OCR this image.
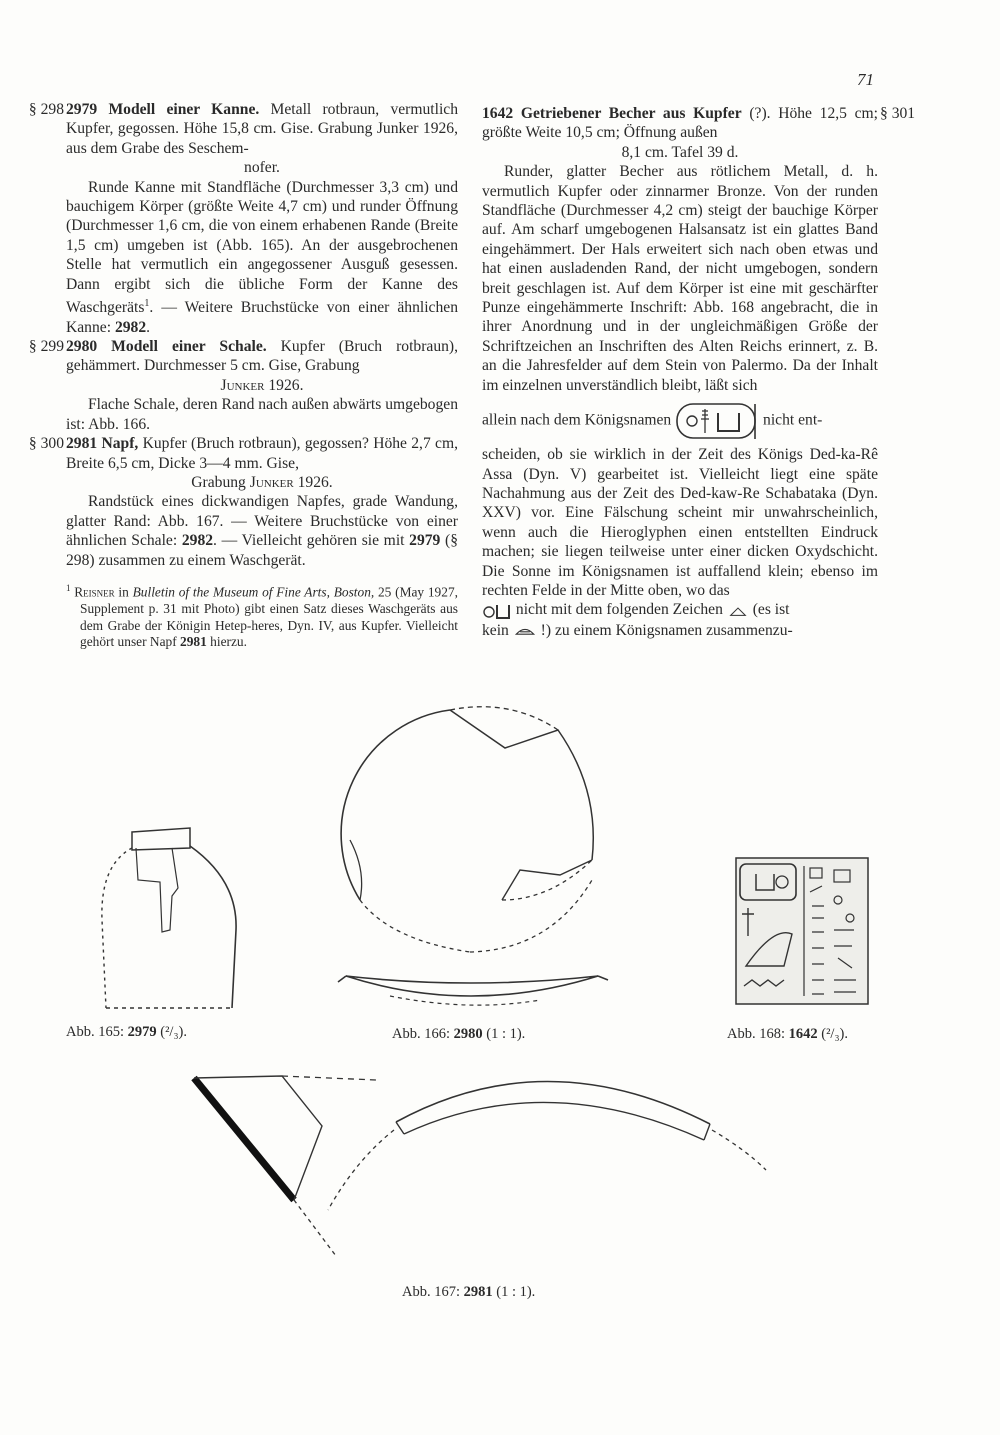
71

§ 298 2979 Modell einer Kanne. Metall rotbraun, vermutlich Kupfer, gegossen. Höhe 15,8 cm. Gise. Grabung Junker 1926, aus dem Grabe des Seschem-

nofer.

Runde Kanne mit Standfläche (Durchmesser 3,3 cm) und bauchigem Körper (größte Weite 4,7 cm) und runder Öffnung (Durchmesser 1,6 cm, die von einem erhabenen Rande (Breite 1,5 cm) umgeben ist (Abb. 165). An der ausgebrochenen Stelle hat vermutlich ein angegossener Ausguß gesessen. Dann ergibt sich die übliche Form der Kanne des Waschgeräts$^1$. — Weitere Bruchstücke von einer ähnlichen Kanne: 2982.

§ 299 2980 Modell einer Schale. Kupfer (Bruch rotbraun), gehämmert. Durchmesser 5 cm. Gise, Grabung

Junker 1926.

Flache Schale, deren Rand nach außen abwärts umgebogen ist: Abb. 166.

§ 300 2981 Napf, Kupfer (Bruch rotbraun), gegossen? Höhe 2,7 cm, Breite 6,5 cm, Dicke 3—4 mm. Gise,

Grabung Junker 1926.

Randstück eines dickwandigen Napfes, grade Wandung, glatter Rand: Abb. 167. — Weitere Bruchstücke von einer ähnlichen Schale: 2982. — Vielleicht gehören sie mit 2979 (§ 298) zusammen zu einem Waschgerät.

$^1$ Reisner in Bulletin of the Museum of Fine Arts, Boston, 25 (May 1927, Supplement p. 31 mit Photo) gibt einen Satz dieses Waschgeräts aus dem Grabe der Königin Hetep-heres, Dyn. IV, aus Kupfer. Vielleicht gehört unser Napf 2981 hierzu.

§ 301
1642 Getriebener Becher aus Kupfer (?). Höhe 12,5 cm; größte Weite 10,5 cm; Öffnung außen

8,1 cm. Tafel 39 d.

Runder, glatter Becher aus rötlichem Metall, d. h. vermutlich Kupfer oder zinnarmer Bronze. Von der runden Standfläche (Durchmesser 4,2 cm) steigt der bauchige Körper auf. Am scharf umgebogenen Halsansatz ist ein glattes Band eingehämmert. Der Hals erweitert sich nach oben etwas und hat einen ausladenden Rand, der nicht umgebogen, sondern breit geschlagen ist. Auf dem Körper ist eine mit geschärfter Punze eingehämmerte Inschrift: Abb. 168 angebracht, die in ihrer Anordnung und in der ungleichmäßigen Größe der Schriftzeichen an Inschriften des Alten Reichs erinnert, z. B. an die Jahresfelder auf dem Stein von Palermo. Da der Inhalt im einzelnen unverständlich bleibt, läßt sich

allein nach dem Königsnamen	nicht ent-

scheiden, ob sie wirklich in der Zeit des Königs Ded-ka-Rê Assa (Dyn. V) gearbeitet ist. Vielleicht liegt eine späte Nachahmung aus der Zeit des Ded-kaw-Re Schabataka (Dyn. XXV) vor. Eine Fälschung scheint mir unwahrscheinlich, wenn auch die Hieroglyphen einen entstellten Eindruck machen; sie liegen teilweise unter einer dicken Oxydschicht. Die Sonne im Königsnamen ist auffallend klein; ebenso im rechten Felde in der Mitte oben, wo das

nicht mit dem folgenden Zeichen (es ist

kein !) zu einem Königsnamen zusammenzu-

Abb. 165: 2979 (²/₃).	Abb. 166: 2980 (1 : 1).	Abb. 168: 1642 (²/₃).
Abb. 167: 2981 (1 : 1).
